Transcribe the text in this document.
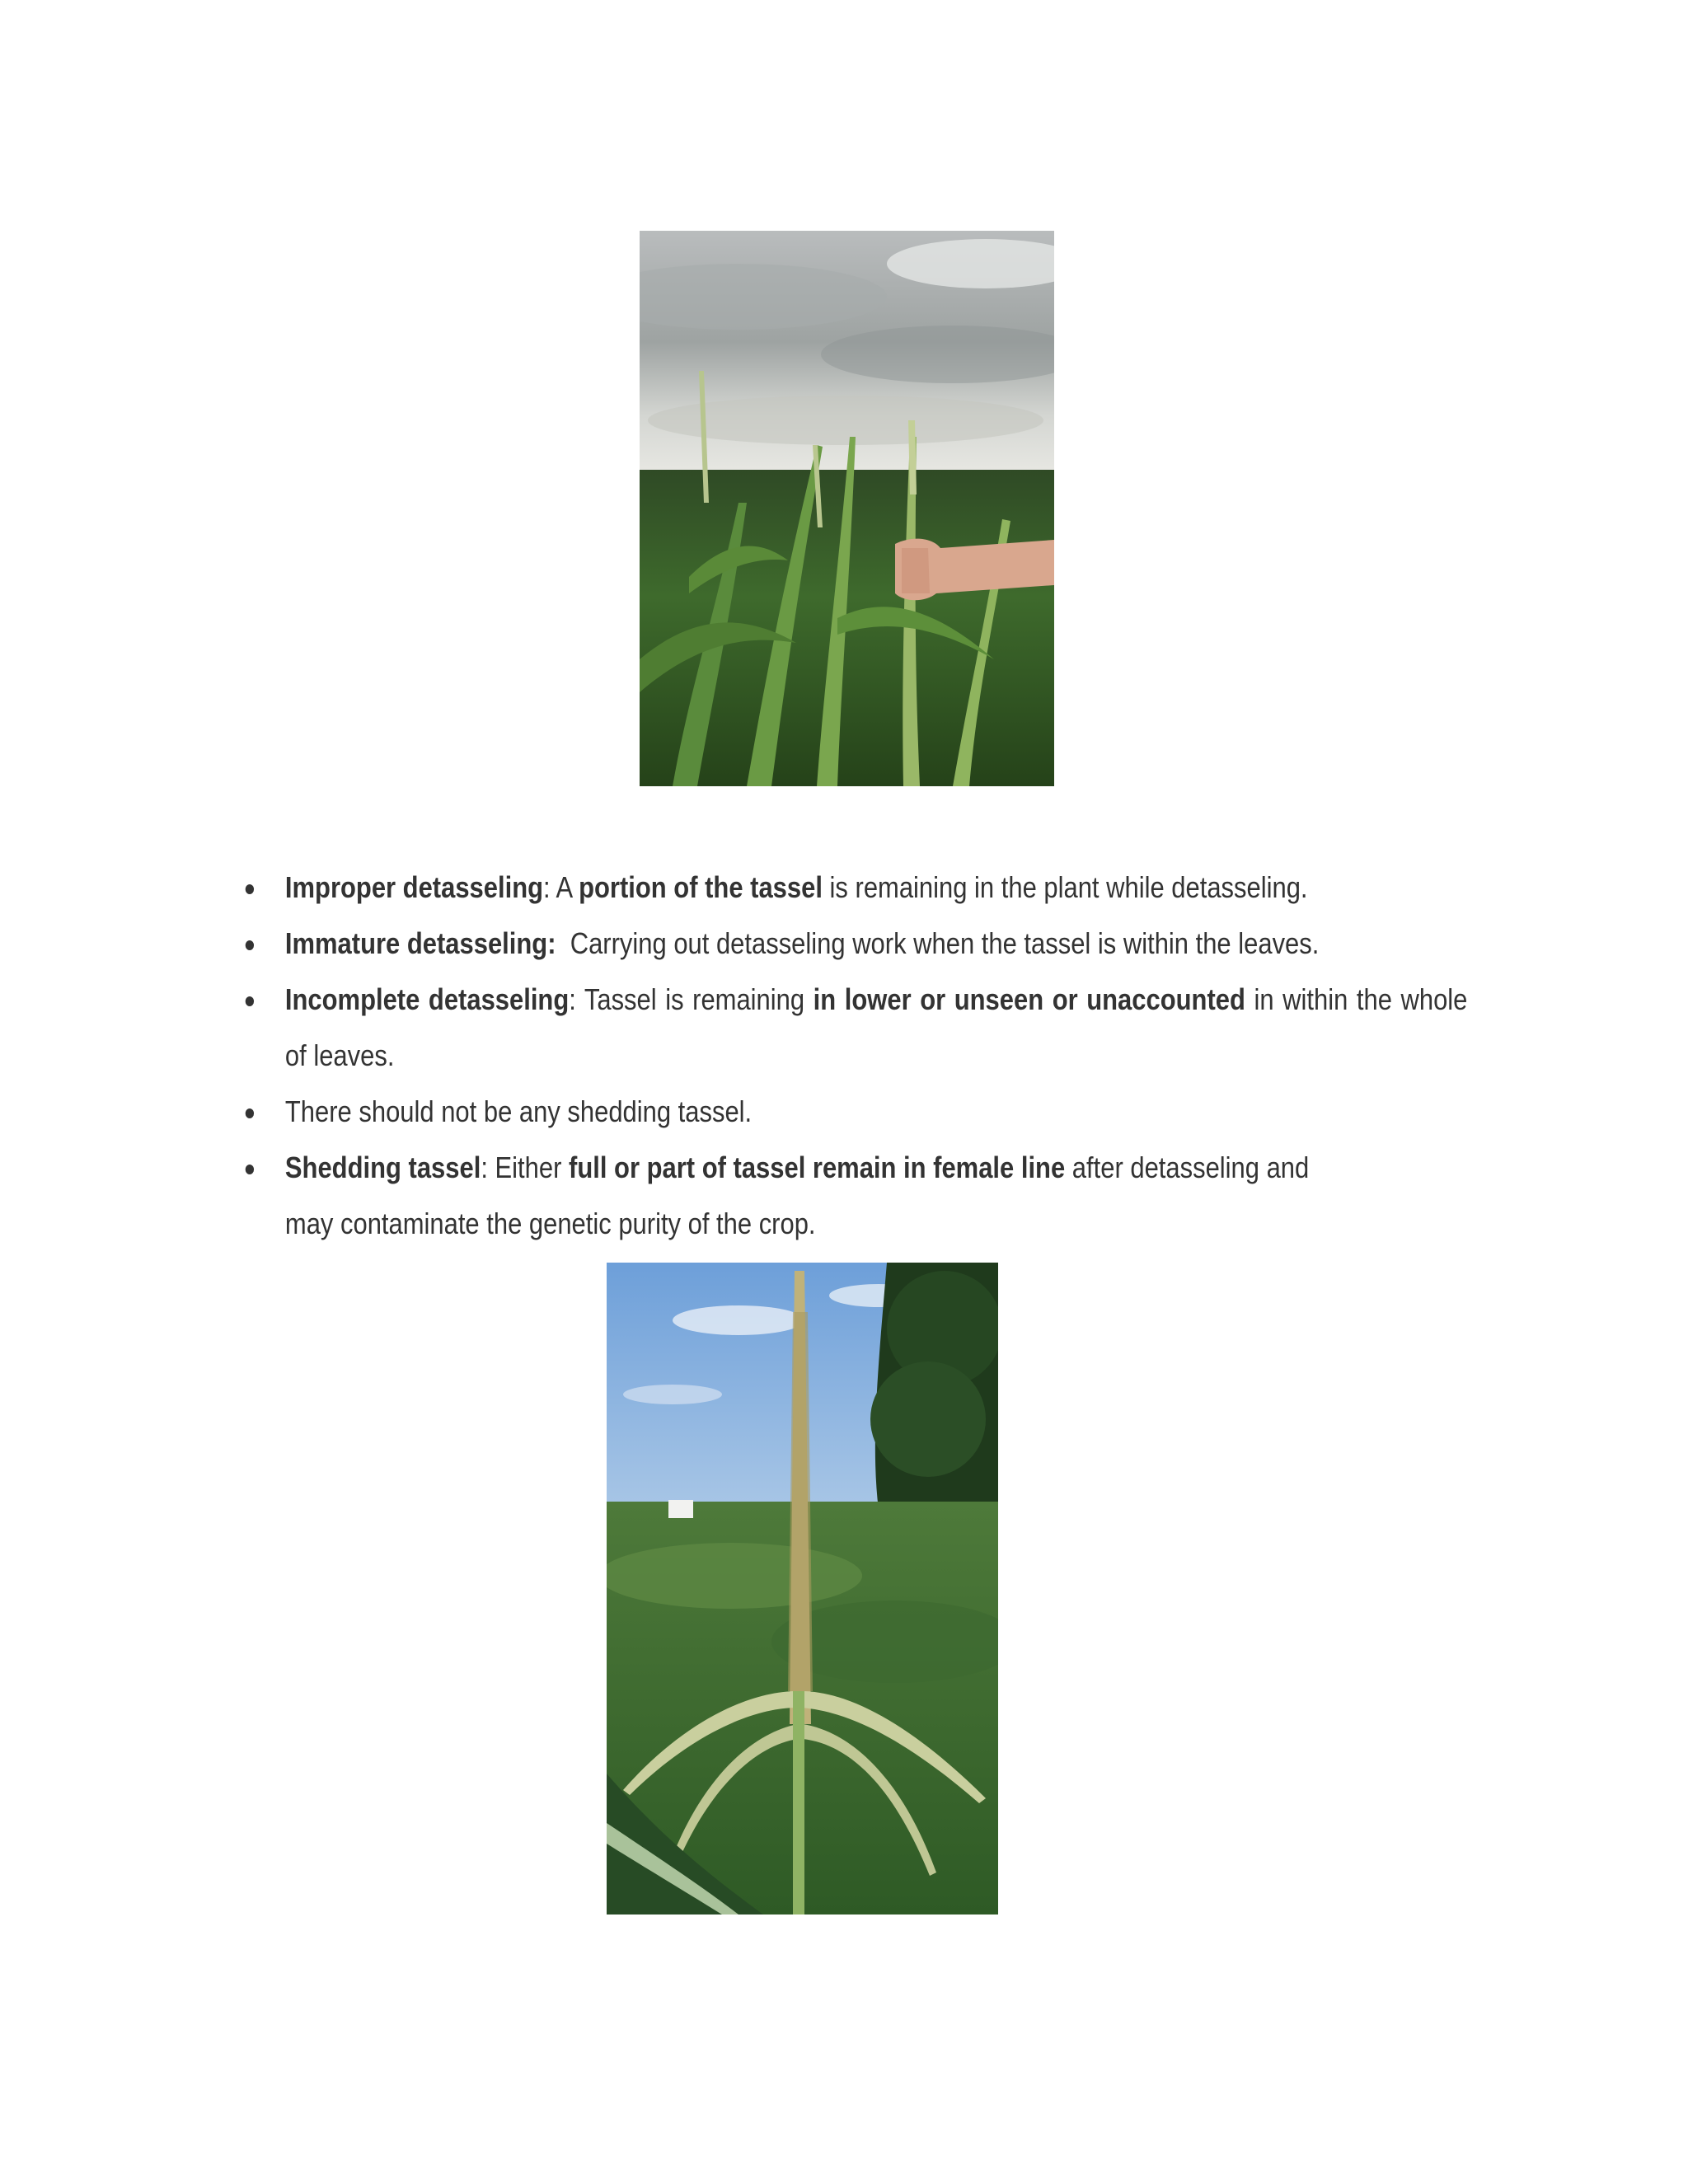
Improper detasseling: A portion of the tassel is remaining in the plant while detasseling.
Immature detasseling:  Carrying out detasseling work when the tassel is within the leaves.
Incomplete detasseling: Tassel is remaining in lower or unseen or unaccounted in within the whole of leaves.
There should not be any shedding tassel.
Shedding tassel: Either full or part of tassel remain in female line after detasseling and
may contaminate the genetic purity of the crop.
